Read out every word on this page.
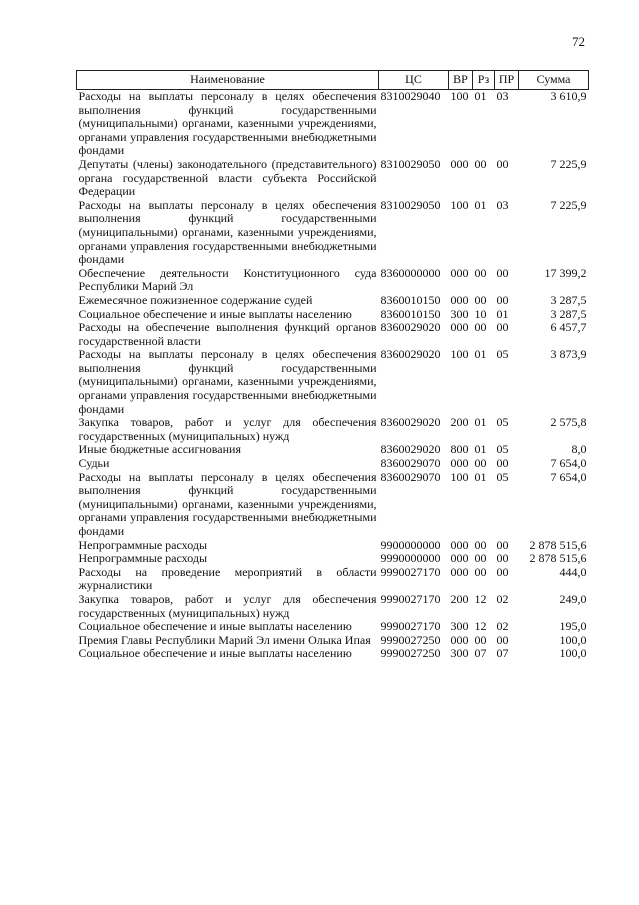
72
Наименование	ЦС	ВР	Рз	ПР	Сумма
Расходы на выплаты персоналу в целях обеспечения выполнения функций государственными (муниципальными) органами, казенными учреждениями, органами управления государственными внебюджетными фондами	8310029040	100	01	03	3 610,9
Депутаты (члены) законодательного (представительного) органа государственной власти субъекта Российской Федерации	8310029050	000	00	00	7 225,9
Расходы на выплаты персоналу в целях обеспечения выполнения функций государственными (муниципальными) органами, казенными учреждениями, органами управления государственными внебюджетными фондами	8310029050	100	01	03	7 225,9
Обеспечение деятельности Конституционного суда Республики Марий Эл	8360000000	000	00	00	17 399,2
Ежемесячное пожизненное содержание судей	8360010150	000	00	00	3 287,5
Социальное обеспечение и иные выплаты населению	8360010150	300	10	01	3 287,5
Расходы на обеспечение выполнения функций органов государственной власти	8360029020	000	00	00	6 457,7
Расходы на выплаты персоналу в целях обеспечения выполнения функций государственными (муниципальными) органами, казенными учреждениями, органами управления государственными внебюджетными фондами	8360029020	100	01	05	3 873,9
Закупка товаров, работ и услуг для обеспечения государственных (муниципальных) нужд	8360029020	200	01	05	2 575,8
Иные бюджетные ассигнования	8360029020	800	01	05	8,0
Судьи	8360029070	000	00	00	7 654,0
Расходы на выплаты персоналу в целях обеспечения выполнения функций государственными (муниципальными) органами, казенными учреждениями, органами управления государственными внебюджетными фондами	8360029070	100	01	05	7 654,0
Непрограммные расходы	9900000000	000	00	00	2 878 515,6
Непрограммные расходы	9990000000	000	00	00	2 878 515,6
Расходы на проведение мероприятий в области журналистики	9990027170	000	00	00	444,0
Закупка товаров, работ и услуг для обеспечения государственных (муниципальных) нужд	9990027170	200	12	02	249,0
Социальное обеспечение и иные выплаты населению	9990027170	300	12	02	195,0
Премия Главы Республики Марий Эл имени Олыка Ипая	9990027250	000	00	00	100,0
Социальное обеспечение и иные выплаты населению	9990027250	300	07	07	100,0
